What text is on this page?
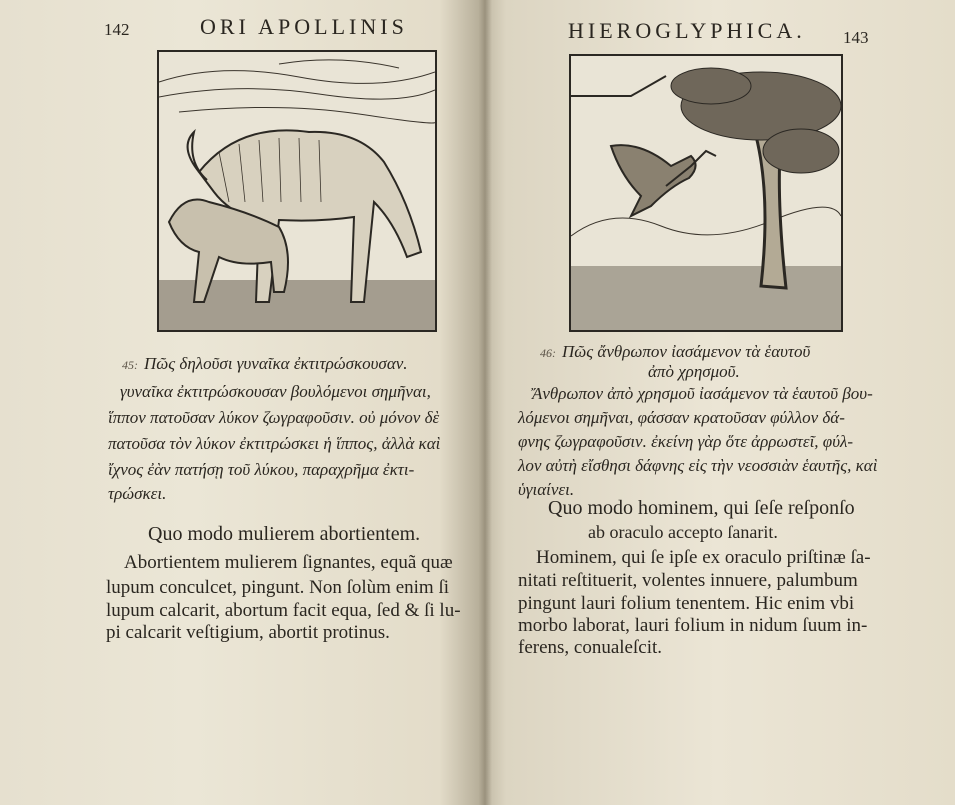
142	ORI APOLLINIS
45: Πῶς δηλοῦσι γυναῖκα ἐκτιτρώσκουσαν.
γυναῖκα ἐκτιτρώσκουσαν βουλόμενοι σημῆναι,
ἵππον πατοῦσαν λύκον ζωγραφοῦσιν. οὐ μόνον δὲ
πατοῦσα τὸν λύκον ἐκτιτρώσκει ἡ ἵππος, ἀλλὰ καὶ
ἴχνος ἐὰν πατήσῃ τοῦ λύκου, παραχρῆμα ἐκτι-
τρώσκει.
Quo modo mulierem abortientem.
Abortientem mulierem ſignantes, equã quæ
lupum conculcet, pingunt. Non ſolùm enim ſi
lupum calcarit, abortum facit equa, ſed & ſi lu-
pi calcarit veſtigium, abortit protinus.
HIEROGLYPHICA. 143
46: Πῶς ἄνθρωπον ἰασάμενον τὰ ἑαυτοῦ
ἀπὸ χρησμοῦ.
Ἄνθρωπον ἀπὸ χρησμοῦ ἰασάμενον τὰ ἑαυτοῦ βου-
λόμενοι σημῆναι, φάσσαν κρατοῦσαν φύλλον δά-
φνης ζωγραφοῦσιν. ἐκείνη γὰρ ὅτε ἀρρωστεῖ, φύλ-
λον αὐτὴ εἴσθησι δάφνης εἰς τὴν νεοσσιὰν ἑαυτῆς, καὶ
ὑγιαίνει.
Quo modo hominem, qui ſeſe reſponſo
ab oraculo accepto ſanarit.
Hominem, qui ſe ipſe ex oraculo priſtinæ ſa-
nitati reſtituerit, volentes innuere, palumbum
pingunt lauri folium tenentem. Hic enim vbi
morbo laborat, lauri folium in nidum ſuum in-
ferens, conualeſcit.
